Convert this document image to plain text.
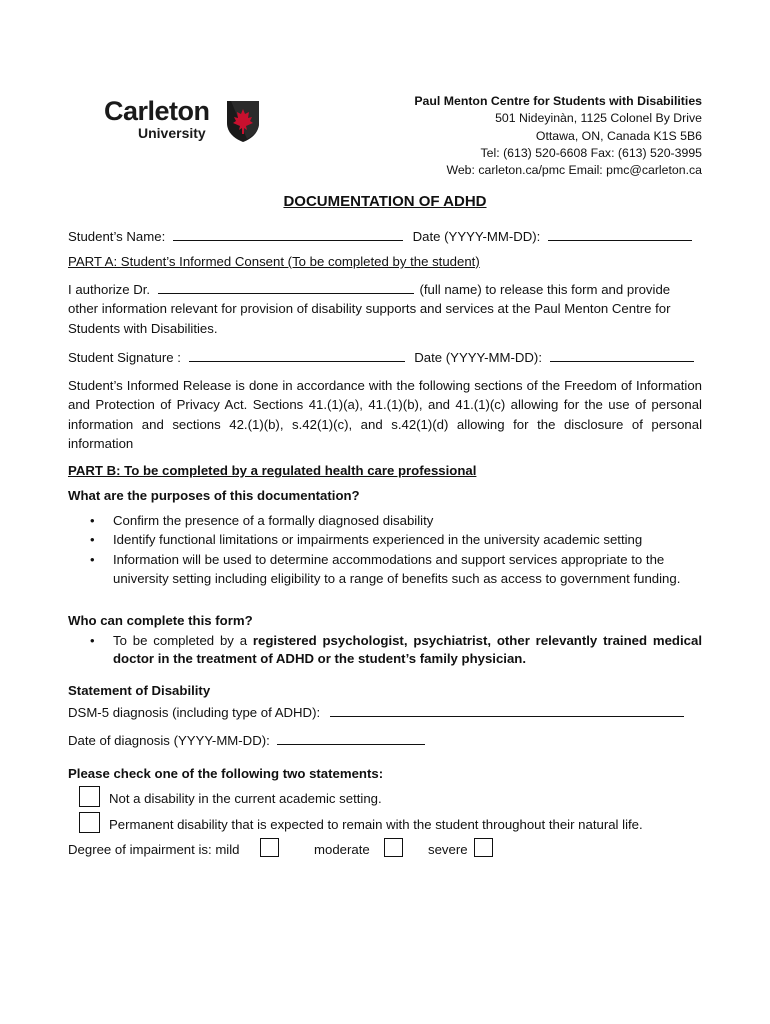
Carleton
University
Paul Menton Centre for Students with Disabilities
501 Nideyinàn, 1125 Colonel By Drive
Ottawa, ON, Canada K1S 5B6
Tel: (613) 520-6608 Fax: (613) 520-3995
Web: carleton.ca/pmc Email: pmc@carleton.ca
DOCUMENTATION OF ADHD
Student’s Name:	Date (YYYY-MM-DD):
PART A: Student’s Informed Consent (To be completed by the student)
I authorize Dr.	(full name) to release this form and provide
other information relevant for provision of disability supports and services at the Paul Menton Centre for Students with Disabilities.
Student Signature :	Date (YYYY-MM-DD):
Student’s Informed Release is done in accordance with the following sections of the Freedom of Information and Protection of Privacy Act. Sections 41.(1)(a), 41.(1)(b), and 41.(1)(c) allowing for the use of personal information and sections 42.(1)(b), s.42(1)(c), and s.42(1)(d) allowing for the disclosure of personal information
PART B: To be completed by a regulated health care professional
What are the purposes of this documentation?
• Confirm the presence of a formally diagnosed disability
• Identify functional limitations or impairments experienced in the university academic setting
• Information will be used to determine accommodations and support services appropriate to the university setting including eligibility to a range of benefits such as access to government funding.
Who can complete this form?
• To be completed by a registered psychologist, psychiatrist, other relevantly trained medical doctor in the treatment of ADHD or the student’s family physician.
Statement of Disability
DSM-5 diagnosis (including type of ADHD):
Date of diagnosis (YYYY-MM-DD):
Please check one of the following two statements:
Not a disability in the current academic setting.
Permanent disability that is expected to remain with the student throughout their natural life.
Degree of impairment is: mild	moderate	severe
